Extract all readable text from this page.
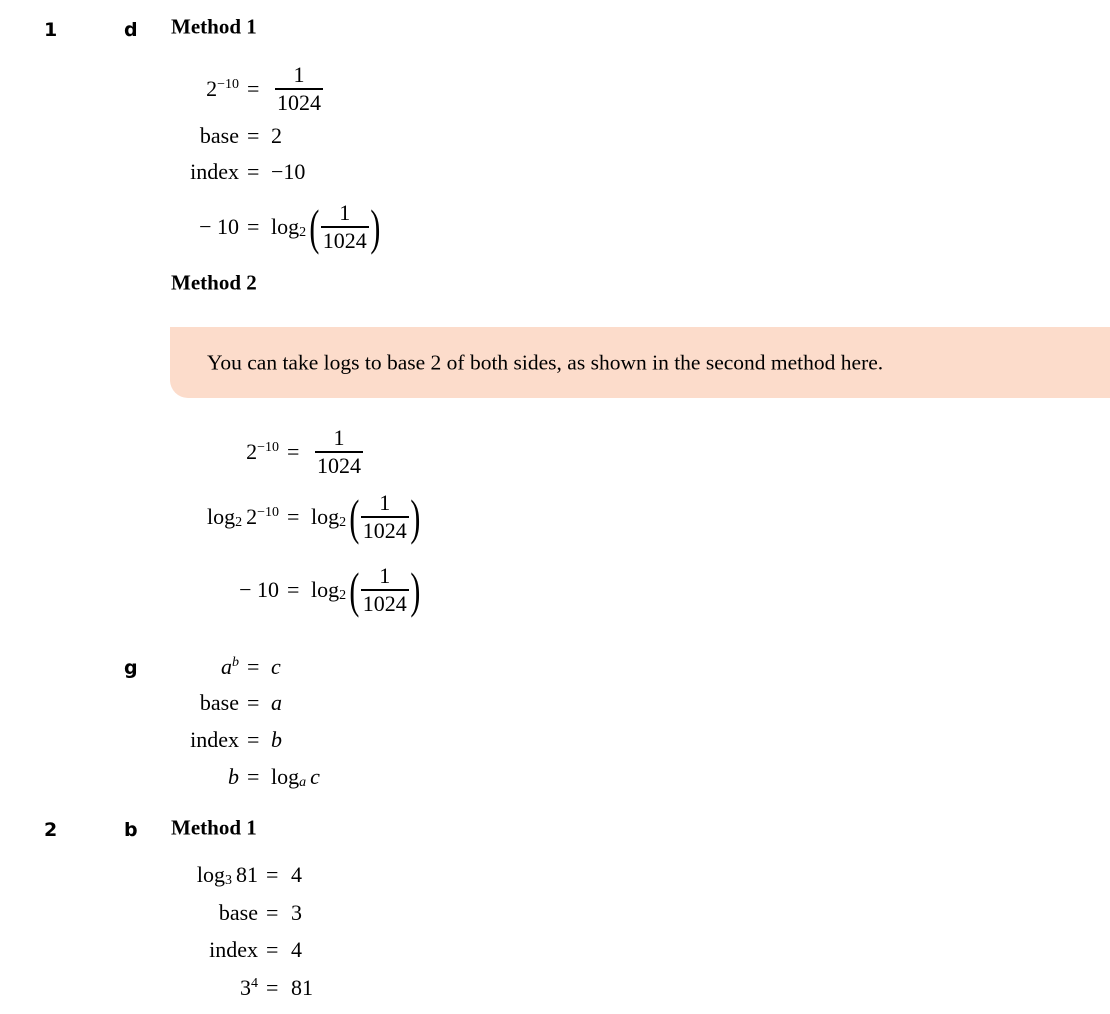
1	d Method 1
$2^{-10} = \frac{1}{1024}$
base = 2
index = −10
− $10 = \log_2$ ( $\frac{1}{1024}$ )
Method 2
You can take logs to base 2 of both sides, as shown in the second method here.
$2^{-10} = \frac{1}{1024}$
$\log_2 2^{-10} = \log_2$ ( $\frac{1}{1024}$ )
− $10 = \log_2$ ( $\frac{1}{1024}$ )
g	a $^b$ = c
base = a
index = b
b = log $_a$ c
2	b Method 1
$\log_3 81 = 4$
base = 3
index = 4
$3^4 = 81$
